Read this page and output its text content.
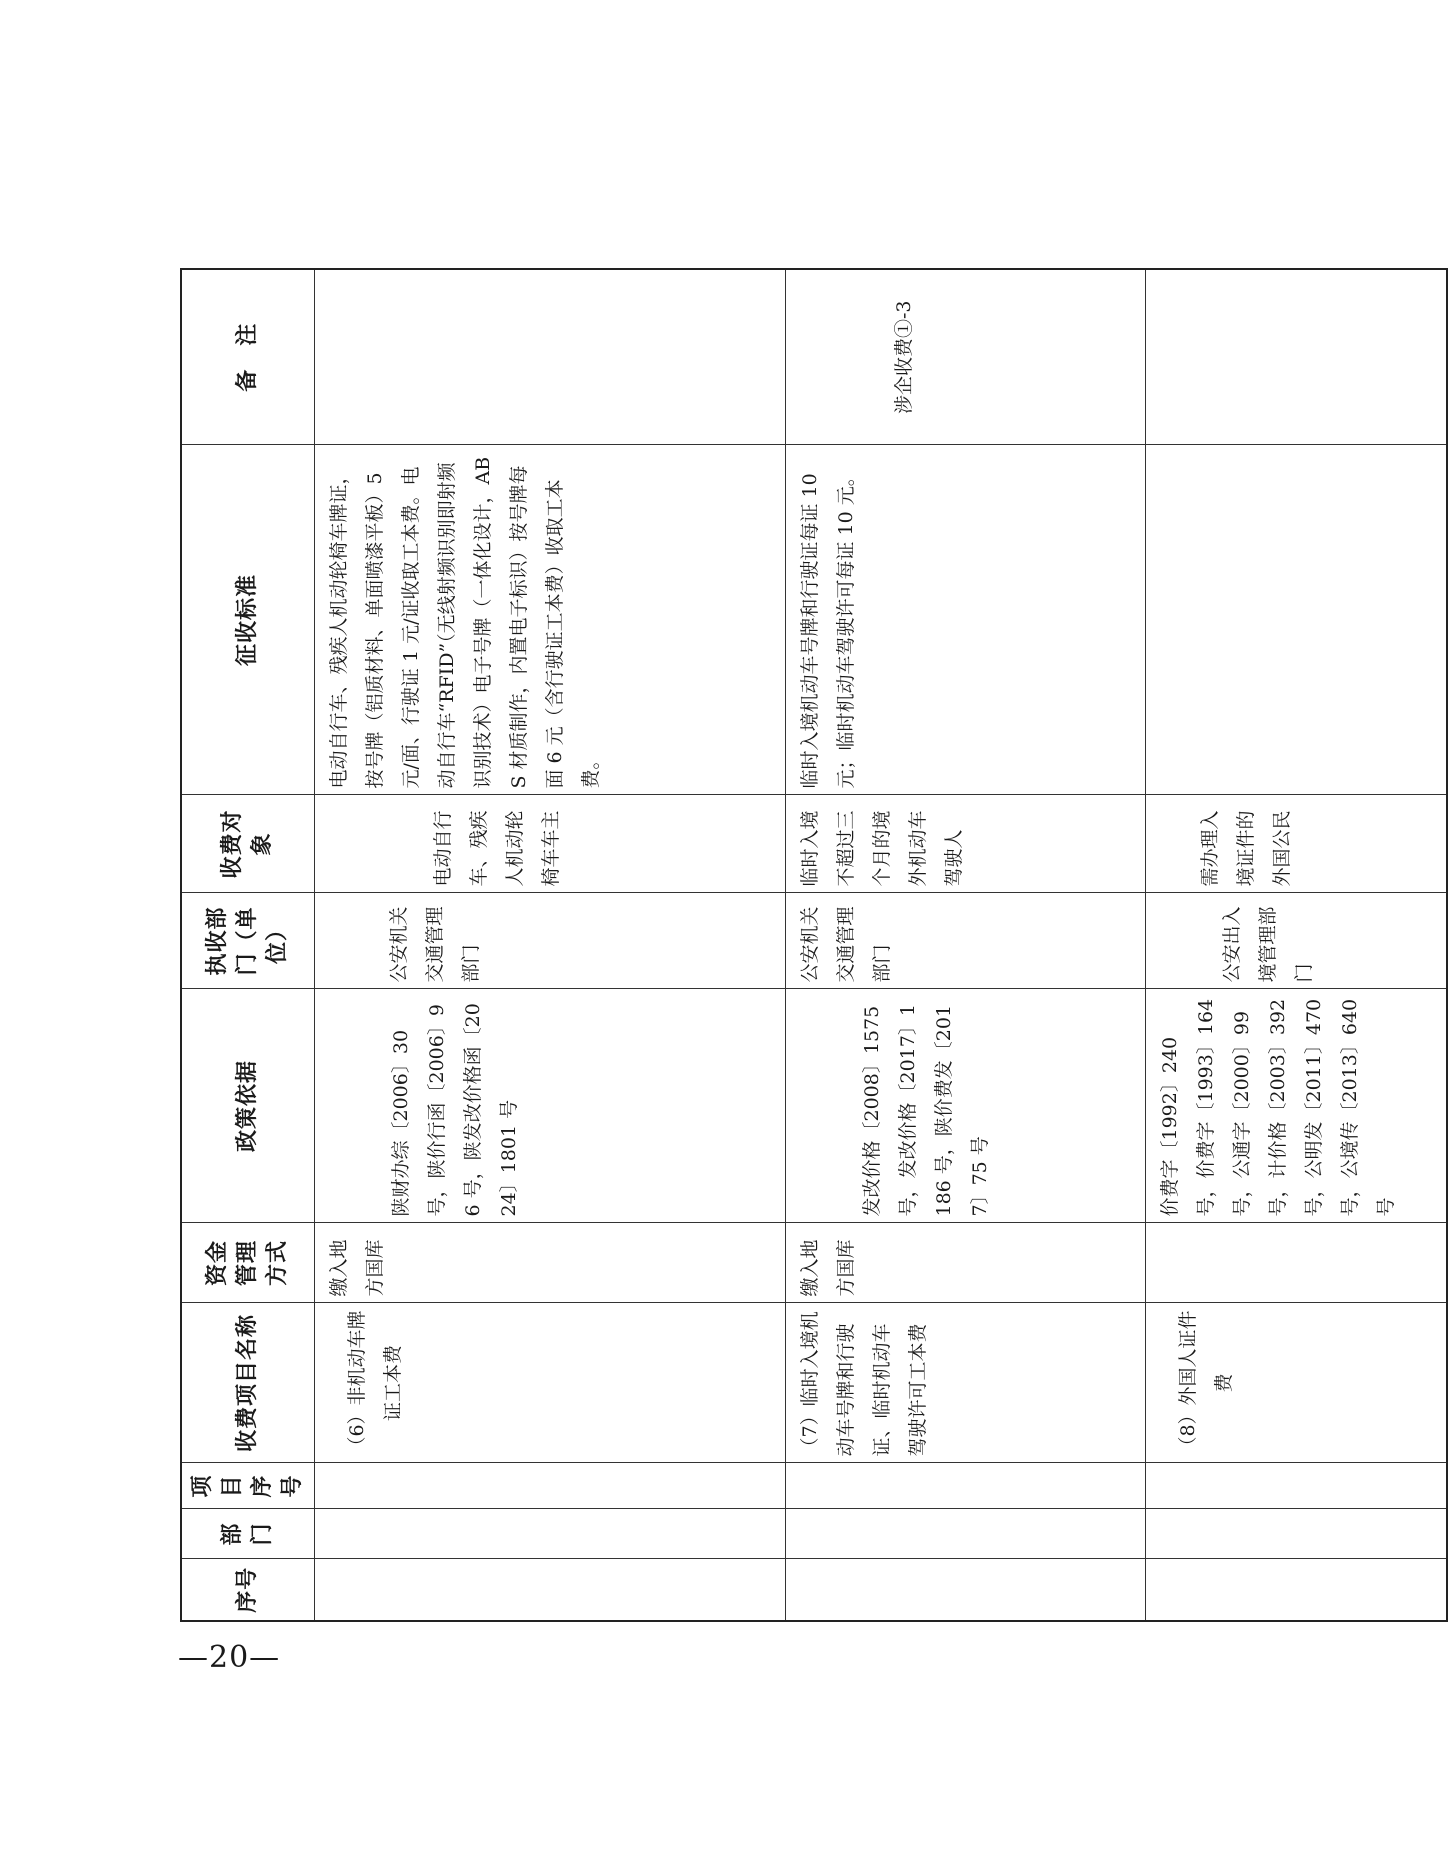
序号	部门	项目序号	收费项目名称	资金管理方式	政策依据	执收部门（单位）	收费对象	征收标准	备　注
			（6）非机动车牌证工本费	缴入地方国库	陕财办综〔2006〕30 号，陕价行函〔2006〕96 号，陕发改价格函〔2024〕1801 号	公安机关交通管理部门	电动自行车、残疾人机动轮椅车车主	电动自行车、残疾人机动轮椅车牌证，按号牌（铝质材料、单面喷漆平板）5 元/面、行驶证 1 元/证收取工本费。电动自行车“RFID”（无线射频识别即射频识别技术）电子号牌（一体化设计，ABS 材质制作，内置电子标识）按号牌每面 6 元（含行驶证工本费）收取工本费。	
			（7）临时入境机动车号牌和行驶证、临时机动车驾驶许可工本费	缴入地方国库	发改价格〔2008〕1575 号，发改价格〔2017〕1186 号，陕价费发〔2017〕75 号	公安机关交通管理部门	临时入境不超过三个月的境外机动车驾驶人	临时入境机动车号牌和行驶证每证 10 元；临时机动车驾驶许可每证 10 元。	涉企收费①-3
			（8）外国人证件费		价费字〔1992〕240 号，价费字〔1993〕164 号，公通字〔2000〕99 号，计价格〔2003〕392 号，公明发〔2011〕470 号，公境传〔2013〕640 号	公安出入境管理部门	需办理入境证件的外国公民		
—20—
